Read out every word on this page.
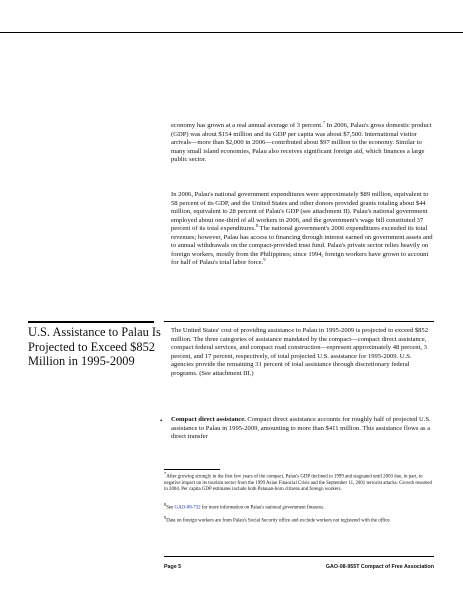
economy has grown at a real annual average of 3 percent.$^7$ In 2006, Palau's gross domestic product (GDP) was about $154 million and its GDP per capita was about $7,500. International visitor arrivals—more than $2,000 in 2006—contributed about $97 million to the economy. Similar to many small island economies, Palau also receives significant foreign aid, which finances a large public sector.

In 2006, Palau's national government expenditures were approximately $89 million, equivalent to 58 percent of its GDP, and the United States and other donors provided grants totaling about $44 million, equivalent to 28 percent of Palau's GDP (see attachment II). Palau's national government employed about one-third of all workers in 2006, and the government's wage bill constituted 37 percent of its total expenditures.$^8$ The national government's 2006 expenditures exceeded its total revenues; however, Palau has access to financing through interest earned on government assets and to annual withdrawals on the compact-provided trust fund. Palau's private sector relies heavily on foreign workers, mostly from the Philippines; since 1994, foreign workers have grown to account for half of Palau's total labor force.$^9$

U.S. Assistance to Palau Is Projected to Exceed $852 Million in 1995-2009

The United States' cost of providing assistance to Palau in 1995-2009 is projected to exceed $852 million. The three categories of assistance mandated by the compact—compact direct assistance, compact federal services, and compact road construction—represent approximately 48 percent, 3 percent, and 17 percent, respectively, of total projected U.S. assistance for 1995-2009. U.S. agencies provide the remaining 31 percent of total assistance through discretionary federal programs. (See attachment III.)

• Compact direct assistance. Compact direct assistance accounts for roughly half of projected U.S. assistance to Palau in 1995-2009, amounting to more than $411 million. This assistance flows as a direct transfer

$^7$After growing strongly in the first few years of the compact, Palau's GDP declined in 1999 and stagnated until 2003 due, in part, to negative impact on its tourism sector from the 1999 Asian Financial Crisis and the September 11, 2001 terrorist attacks. Growth resumed in 2004. Per capita GDP estimates include both Palauan-born citizens and foreign workers.

$^8$See GAO-08-732 for more information on Palau's national government finances.

$^9$Data on foreign workers are from Palau's Social Security office and exclude workers not registered with the office.

Page 5	GAO-08-955T Compact of Free Association
